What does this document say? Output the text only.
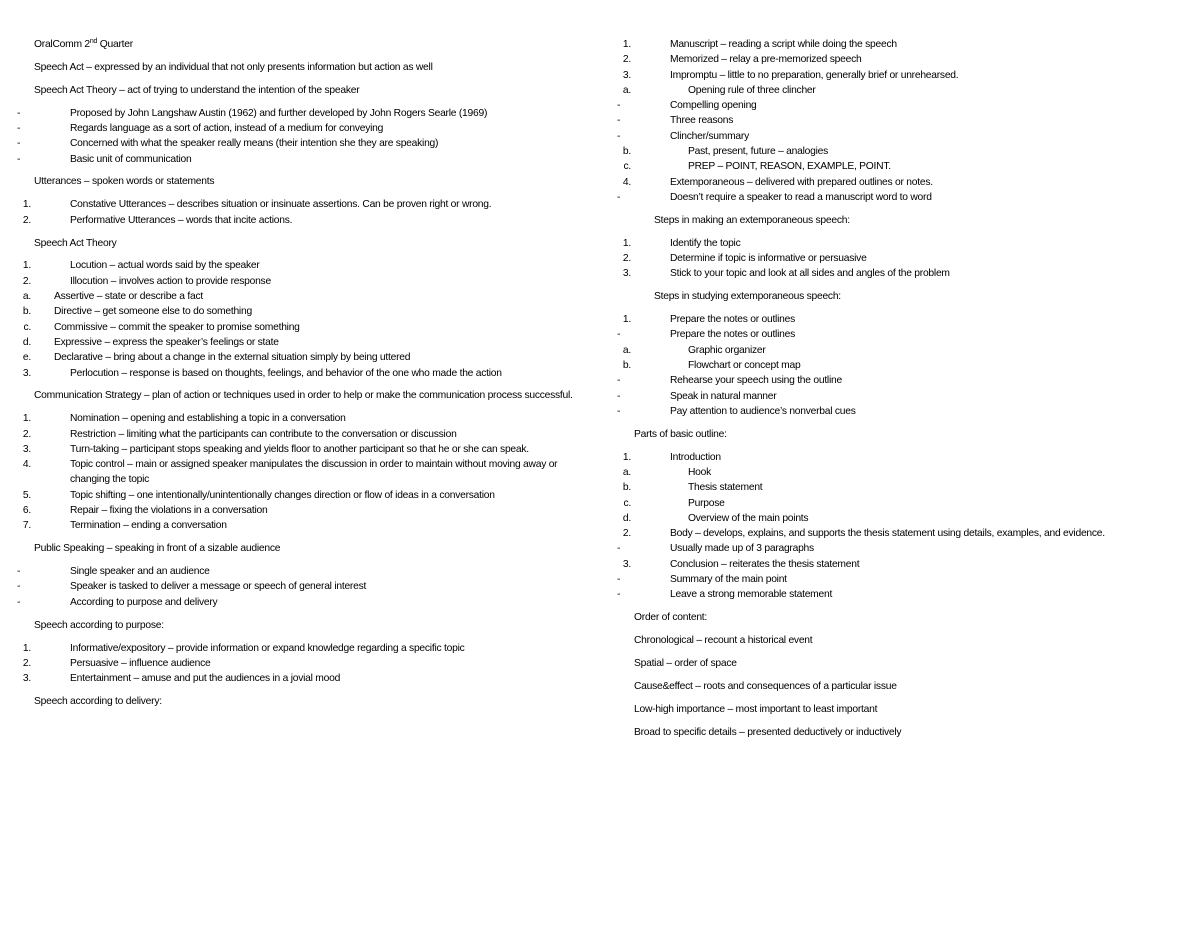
OralComm 2nd Quarter
Speech Act – expressed by an individual that not only presents information but action as well
Speech Act Theory – act of trying to understand the intention of the speaker
-	Proposed by John Langshaw Austin (1962) and further developed by John Rogers Searle (1969)
-	Regards language as a sort of action, instead of a medium for conveying
-	Concerned with what the speaker really means (their intention she they are speaking)
-	Basic unit of communication
Utterances – spoken words or statements
1.	Constative Utterances – describes situation or insinuate assertions. Can be proven right or wrong.
2.	Performative Utterances – words that incite actions.
Speech Act Theory
1.	Locution – actual words said by the speaker
2.	Illocution – involves action to provide response
a. Assertive – state or describe a fact
b. Directive – get someone else to do something
c. Commissive – commit the speaker to promise something
d. Expressive – express the speaker’s feelings or state
e. Declarative – bring about a change in the external situation simply by being uttered
3.	Perlocution – response is based on thoughts, feelings, and behavior of the one who made the action
Communication Strategy – plan of action or techniques used in order to help or make the communication process successful.
1.	Nomination – opening and establishing a topic in a conversation
2.	Restriction – limiting what the participants can contribute to the conversation or discussion
3.	Turn-taking – participant stops speaking and yields floor to another participant so that he or she can speak.
4.	Topic control – main or assigned speaker manipulates the discussion in order to maintain without moving away or changing the topic
5.	Topic shifting – one intentionally/unintentionally changes direction or flow of ideas in a conversation
6.	Repair – fixing the violations in a conversation
7.	Termination – ending a conversation
Public Speaking – speaking in front of a sizable audience
-	Single speaker and an audience
-	Speaker is tasked to deliver a message or speech of general interest
-	According to purpose and delivery
Speech according to purpose:
1.	Informative/expository – provide information or expand knowledge regarding a specific topic
2.	Persuasive – influence audience
3.	Entertainment – amuse and put the audiences in a jovial mood
Speech according to delivery:
1.	Manuscript – reading a script while doing the speech
2.	Memorized – relay a pre-memorized speech
3.	Impromptu – little to no preparation, generally brief or unrehearsed.
a.	Opening rule of three clincher
-	Compelling opening
-	Three reasons
-	Clincher/summary
b.	Past, present, future – analogies
c.	PREP – POINT, REASON, EXAMPLE, POINT.
4.	Extemporaneous – delivered with prepared outlines or notes.
-	Doesn’t require a speaker to read a manuscript word to word
Steps in making an extemporaneous speech:
1.	Identify the topic
2.	Determine if topic is informative or persuasive
3.	Stick to your topic and look at all sides and angles of the problem
Steps in studying extemporaneous speech:
1.	Prepare the notes or outlines
-	Prepare the notes or outlines
a.	Graphic organizer
b.	Flowchart or concept map
-	Rehearse your speech using the outline
-	Speak in natural manner
-	Pay attention to audience’s nonverbal cues
Parts of basic outline:
1.	Introduction
a.	Hook
b.	Thesis statement
c.	Purpose
d.	Overview of the main points
2.	Body – develops, explains, and supports the thesis statement using details, examples, and evidence.
-	Usually made up of 3 paragraphs
3.	Conclusion – reiterates the thesis statement
-	Summary of the main point
-	Leave a strong memorable statement
Order of content:
Chronological – recount a historical event
Spatial – order of space
Cause&effect – roots and consequences of a particular issue
Low-high importance – most important to least important
Broad to specific details – presented deductively or inductively
